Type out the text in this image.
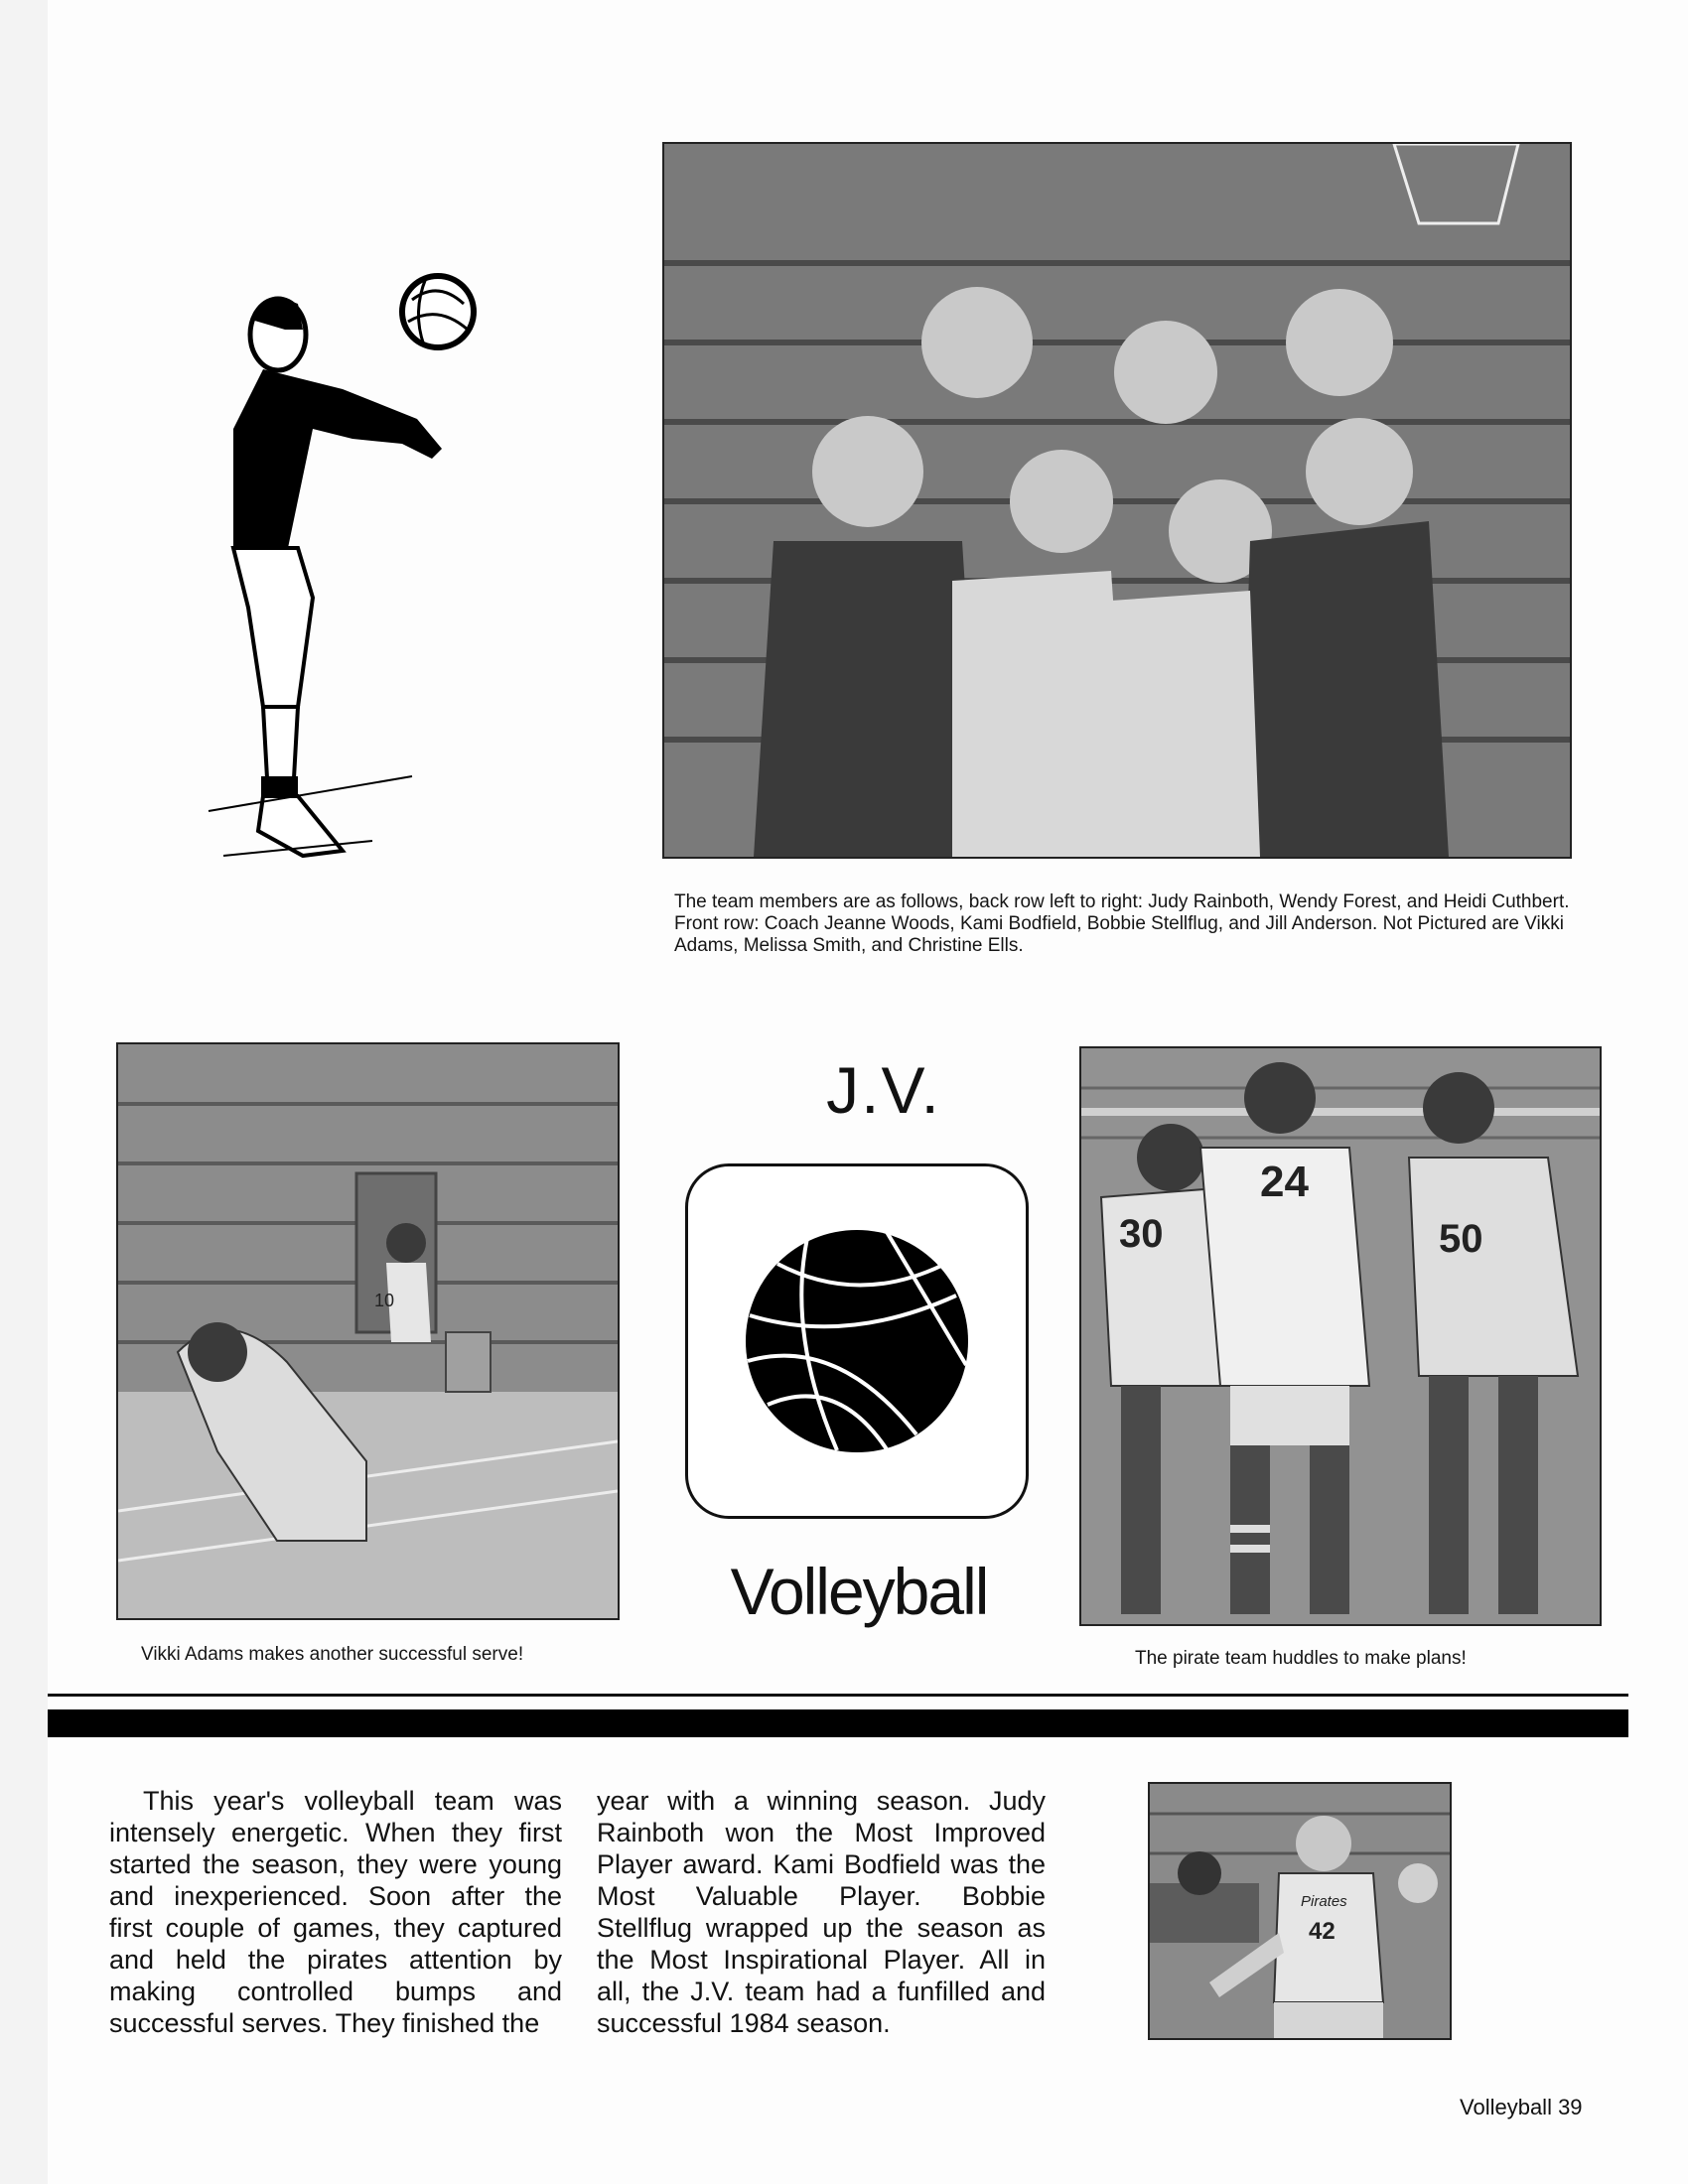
The team members are as follows, back row left to right: Judy Rainboth, Wendy Forest, and Heidi Cuthbert. Front row: Coach Jeanne Woods, Kami Bodfield, Bobbie Stellflug, and Jill Anderson. Not Pictured are Vikki Adams, Melissa Smith, and Christine Ells.
10
Vikki Adams makes another successful serve!
J.V.
Volleyball
30
24
50
The pirate team huddles to make plans!

This year's volleyball team was intensely energetic. When they first started the season, they were young and inexperienced. Soon after the first couple of games, they captured and held the pirates attention by making controlled bumps and successful serves. They finished the

year with a winning season. Judy Rainboth won the Most Improved Player award. Kami Bodfield was the Most Valuable Player. Bobbie Stellflug wrapped up the season as the Most Inspirational Player. All in all, the J.V. team had a funfilled and successful 1984 season.

Pirates
42
Volleyball 39
